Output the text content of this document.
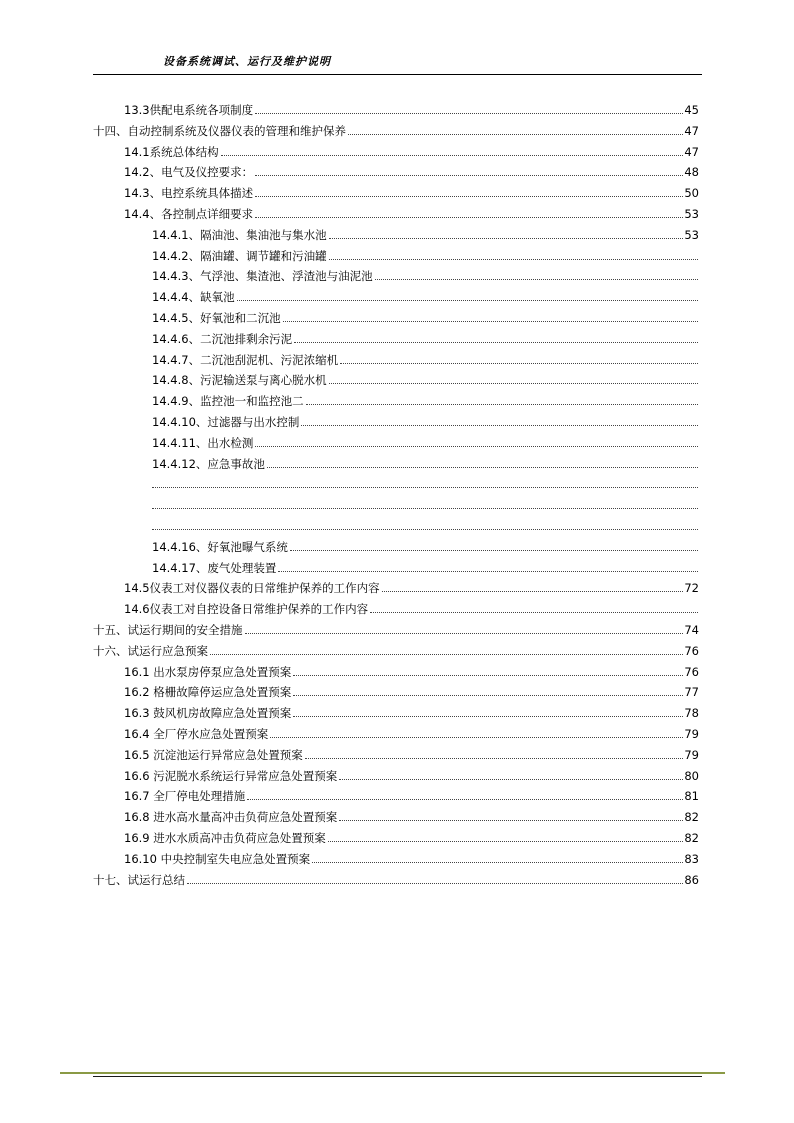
设备系统调试、运行及维护说明
13.3供配电系统各项制度	45
十四、自动控制系统及仪器仪表的管理和维护保养	47
14.1系统总体结构	47
14.2、电气及仪控要求：	48
14.3、电控系统具体描述	50
14.4、各控制点详细要求	53
14.4.1、隔油池、集油池与集水池	53
14.4.2、隔油罐、调节罐和污油罐
14.4.3、气浮池、集渣池、浮渣池与油泥池
14.4.4、缺氧池
14.4.5、好氧池和二沉池
14.4.6、二沉池排剩余污泥
14.4.7、二沉池刮泥机、污泥浓缩机
14.4.8、污泥输送泵与离心脱水机
14.4.9、监控池一和监控池二
14.4.10、过滤器与出水控制
14.4.11、出水检测
14.4.12、应急事故池
14.4.16、好氧池曝气系统
14.4.17、废气处理装置
14.5仪表工对仪器仪表的日常维护保养的工作内容	72
14.6仪表工对自控设备日常维护保养的工作内容
十五、试运行期间的安全措施	74
十六、试运行应急预案	76
16.1 出水泵房停泵应急处置预案	76
16.2 格栅故障停运应急处置预案	77
16.3 鼓风机房故障应急处置预案	78
16.4 全厂停水应急处置预案	79
16.5 沉淀池运行异常应急处置预案	79
16.6 污泥脱水系统运行异常应急处置预案	80
16.7 全厂停电处理措施	81
16.8 进水高水量高冲击负荷应急处置预案	82
16.9 进水水质高冲击负荷应急处置预案	82
16.10 中央控制室失电应急处置预案	83
十七、试运行总结	86
